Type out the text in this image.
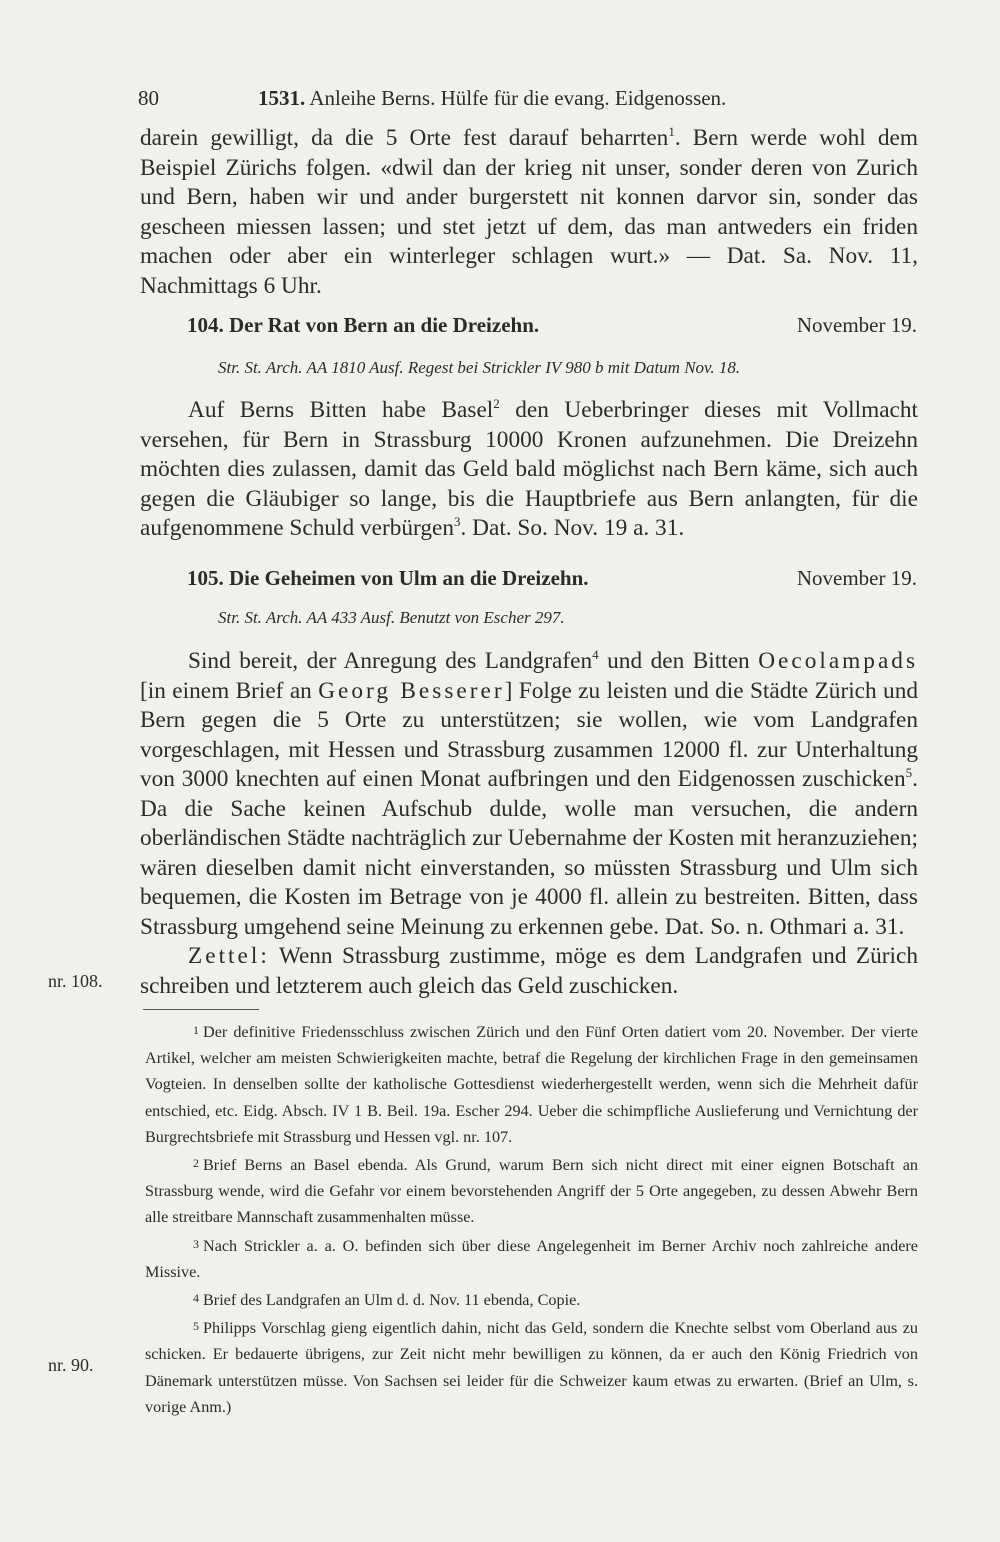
80	1531. Anleihe Berns. Hülfe für die evang. Eidgenossen.

darein gewilligt, da die 5 Orte fest darauf beharrten$^1$. Bern werde wohl dem Beispiel Zürichs folgen. «dwil dan der krieg nit unser, sonder deren von Zurich und Bern, haben wir und ander burgerstett nit konnen darvor sin, sonder das gescheen miessen lassen; und stet jetzt uf dem, das man antweders ein friden machen oder aber ein winterleger schlagen wurt.» — Dat. Sa. Nov. 11, Nachmittags 6 Uhr.

104. Der Rat von Bern an die Dreizehn.	November 19.
Str. St. Arch. AA 1810 Ausf. Regest bei Strickler IV 980 b mit Datum Nov. 18.

Auf Berns Bitten habe Basel$^2$ den Ueberbringer dieses mit Vollmacht versehen, für Bern in Strassburg 10000 Kronen aufzunehmen. Die Dreizehn möchten dies zulassen, damit das Geld bald möglichst nach Bern käme, sich auch gegen die Gläubiger so lange, bis die Hauptbriefe aus Bern anlangten, für die aufgenommene Schuld verbürgen$^3$. Dat. So. Nov. 19 a. 31.

105. Die Geheimen von Ulm an die Dreizehn.	November 19.
Str. St. Arch. AA 433 Ausf. Benutzt von Escher 297.

Sind bereit, der Anregung des Landgrafen$^4$ und den Bitten Oecolampads [in einem Brief an Georg Besserer] Folge zu leisten und die Städte Zürich und Bern gegen die 5 Orte zu unterstützen; sie wollen, wie vom Landgrafen vorgeschlagen, mit Hessen und Strassburg zusammen 12000 fl. zur Unterhaltung von 3000 knechten auf einen Monat aufbringen und den Eidgenossen zuschicken$^5$. Da die Sache keinen Aufschub dulde, wolle man versuchen, die andern oberländischen Städte nachträglich zur Uebernahme der Kosten mit heranzuziehen; wären dieselben damit nicht einverstanden, so müssten Strassburg und Ulm sich bequemen, die Kosten im Betrage von je 4000 fl. allein zu bestreiten. Bitten, dass Strassburg umgehend seine Meinung zu erkennen gebe. Dat. So. n. Othmari a. 31.

Zettel: Wenn Strassburg zustimme, möge es dem Landgrafen und Zürich schreiben und letzterem auch gleich das Geld zuschicken.

nr. 108.
nr. 90.

1 Der definitive Friedensschluss zwischen Zürich und den Fünf Orten datiert vom 20. November. Der vierte Artikel, welcher am meisten Schwierigkeiten machte, betraf die Regelung der kirchlichen Frage in den gemeinsamen Vogteien. In denselben sollte der katholische Gottesdienst wiederhergestellt werden, wenn sich die Mehrheit dafür entschied, etc. Eidg. Absch. IV 1 B. Beil. 19a. Escher 294. Ueber die schimpfliche Auslieferung und Vernichtung der Burgrechtsbriefe mit Strassburg und Hessen vgl. nr. 107.

2 Brief Berns an Basel ebenda. Als Grund, warum Bern sich nicht direct mit einer eignen Botschaft an Strassburg wende, wird die Gefahr vor einem bevorstehenden Angriff der 5 Orte angegeben, zu dessen Abwehr Bern alle streitbare Mannschaft zusammenhalten müsse.

3 Nach Strickler a. a. O. befinden sich über diese Angelegenheit im Berner Archiv noch zahlreiche andere Missive.

4 Brief des Landgrafen an Ulm d. d. Nov. 11 ebenda, Copie.

5 Philipps Vorschlag gieng eigentlich dahin, nicht das Geld, sondern die Knechte selbst vom Oberland aus zu schicken. Er bedauerte übrigens, zur Zeit nicht mehr bewilligen zu können, da er auch den König Friedrich von Dänemark unterstützen müsse. Von Sachsen sei leider für die Schweizer kaum etwas zu erwarten. (Brief an Ulm, s. vorige Anm.)
